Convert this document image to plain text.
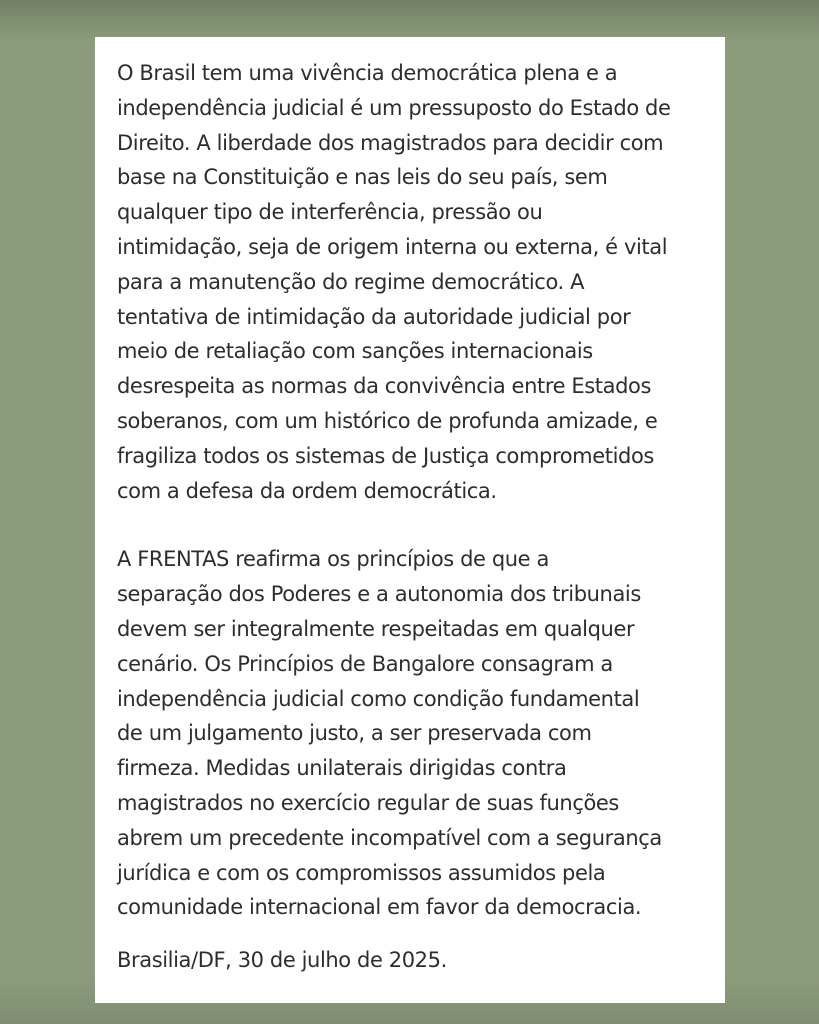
O Brasil tem uma vivência democrática plena e a
independência judicial é um pressuposto do Estado de
Direito. A liberdade dos magistrados para decidir com
base na Constituição e nas leis do seu país, sem
qualquer tipo de interferência, pressão ou
intimidação, seja de origem interna ou externa, é vital
para a manutenção do regime democrático. A
tentativa de intimidação da autoridade judicial por
meio de retaliação com sanções internacionais
desrespeita as normas da convivência entre Estados
soberanos, com um histórico de profunda amizade, e
fragiliza todos os sistemas de Justiça comprometidos
com a defesa da ordem democrática.

A FRENTAS reafirma os princípios de que a
separação dos Poderes e a autonomia dos tribunais
devem ser integralmente respeitadas em qualquer
cenário. Os Princípios de Bangalore consagram a
independência judicial como condição fundamental
de um julgamento justo, a ser preservada com
firmeza. Medidas unilaterais dirigidas contra
magistrados no exercício regular de suas funções
abrem um precedente incompatível com a segurança
jurídica e com os compromissos assumidos pela
comunidade internacional em favor da democracia.

Brasilia/DF, 30 de julho de 2025.
